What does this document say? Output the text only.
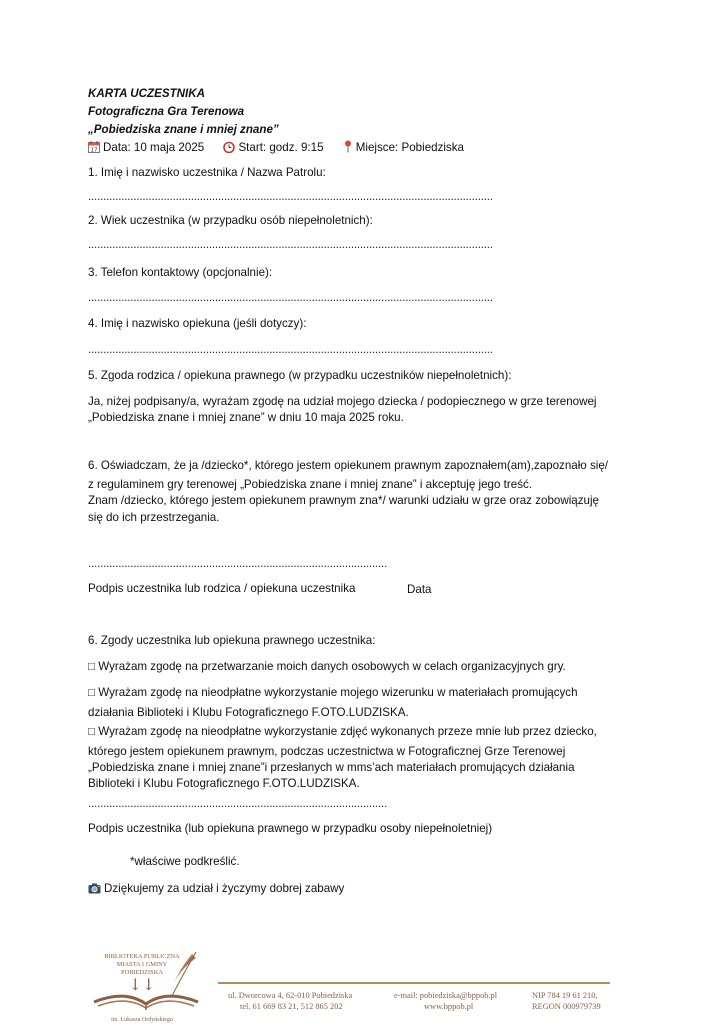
KARTA UCZESTNIKA
Fotograficzna Gra Terenowa
„Pobiedziska znane i mniej znane”
17 Data: 10 maja 2025	Start: godz. 9:15	Miejsce: Pobiedziska
1. Imię i nazwisko uczestnika / Nazwa Patrolu:
......................................................................................................................................
2. Wiek uczestnika (w przypadku osób niepełnoletnich):
......................................................................................................................................
3. Telefon kontaktowy (opcjonalnie):
......................................................................................................................................
4. Imię i nazwisko opiekuna (jeśli dotyczy):
......................................................................................................................................
5. Zgoda rodzica / opiekuna prawnego (w przypadku uczestników niepełnoletnich):
Ja, niżej podpisany/a, wyrażam zgodę na udział mojego dziecka / podopiecznego w grze terenowej
„Pobiedziska znane i mniej znane” w dniu 10 maja 2025 roku.
6. Oświadczam, że ja /dziecko*, którego jestem opiekunem prawnym zapoznałem(am),zapoznało się/
z regulaminem gry terenowej „Pobiedziska znane i mniej znane” i akceptuję jego treść.
Znam /dziecko, którego jestem opiekunem prawnym zna*/ warunki udziału w grze oraz zobowiązuję
się do ich przestrzegania.
...................................................................................................
Podpis uczestnika lub rodzica / opiekuna uczestnika	Data
6. Zgody uczestnika lub opiekuna prawnego uczestnika:
□ Wyrażam zgodę na przetwarzanie moich danych osobowych w celach organizacyjnych gry.
□ Wyrażam zgodę na nieodpłatne wykorzystanie mojego wizerunku w materiałach promujących
działania Biblioteki i Klubu Fotograficznego F.OTO.LUDZISKA.
□ Wyrażam zgodę na nieodpłatne wykorzystanie zdjęć wykonanych przeze mnie lub przez dziecko,
którego jestem opiekunem prawnym, podczas uczestnictwa w Fotograficznej Grze Terenowej
„Pobiedziska znane i mniej znane”i przesłanych w mms’ach materiałach promujących działania
Biblioteki i Klubu Fotograficznego F.OTO.LUDZISKA.
...................................................................................................
Podpis uczestnika (lub opiekuna prawnego w przypadku osoby niepełnoletniej)
*właściwe podkreślić.
Dziękujemy za udział i życzymy dobrej zabawy
BIBLIOTEKA PUBLICZNA
MIASTA I GMINY
POBIEDZISKA
↓↓
im. Łukasza Ordyńskiego
ul. Dworcowa 4, 62-010 Pobiedziska
tel. 61 669 83 21, 512 865 202
e-mail: pobiedziska@bppob.pl
www.bppob.pl
NIP 784 19 61 210,
REGON 000979739
